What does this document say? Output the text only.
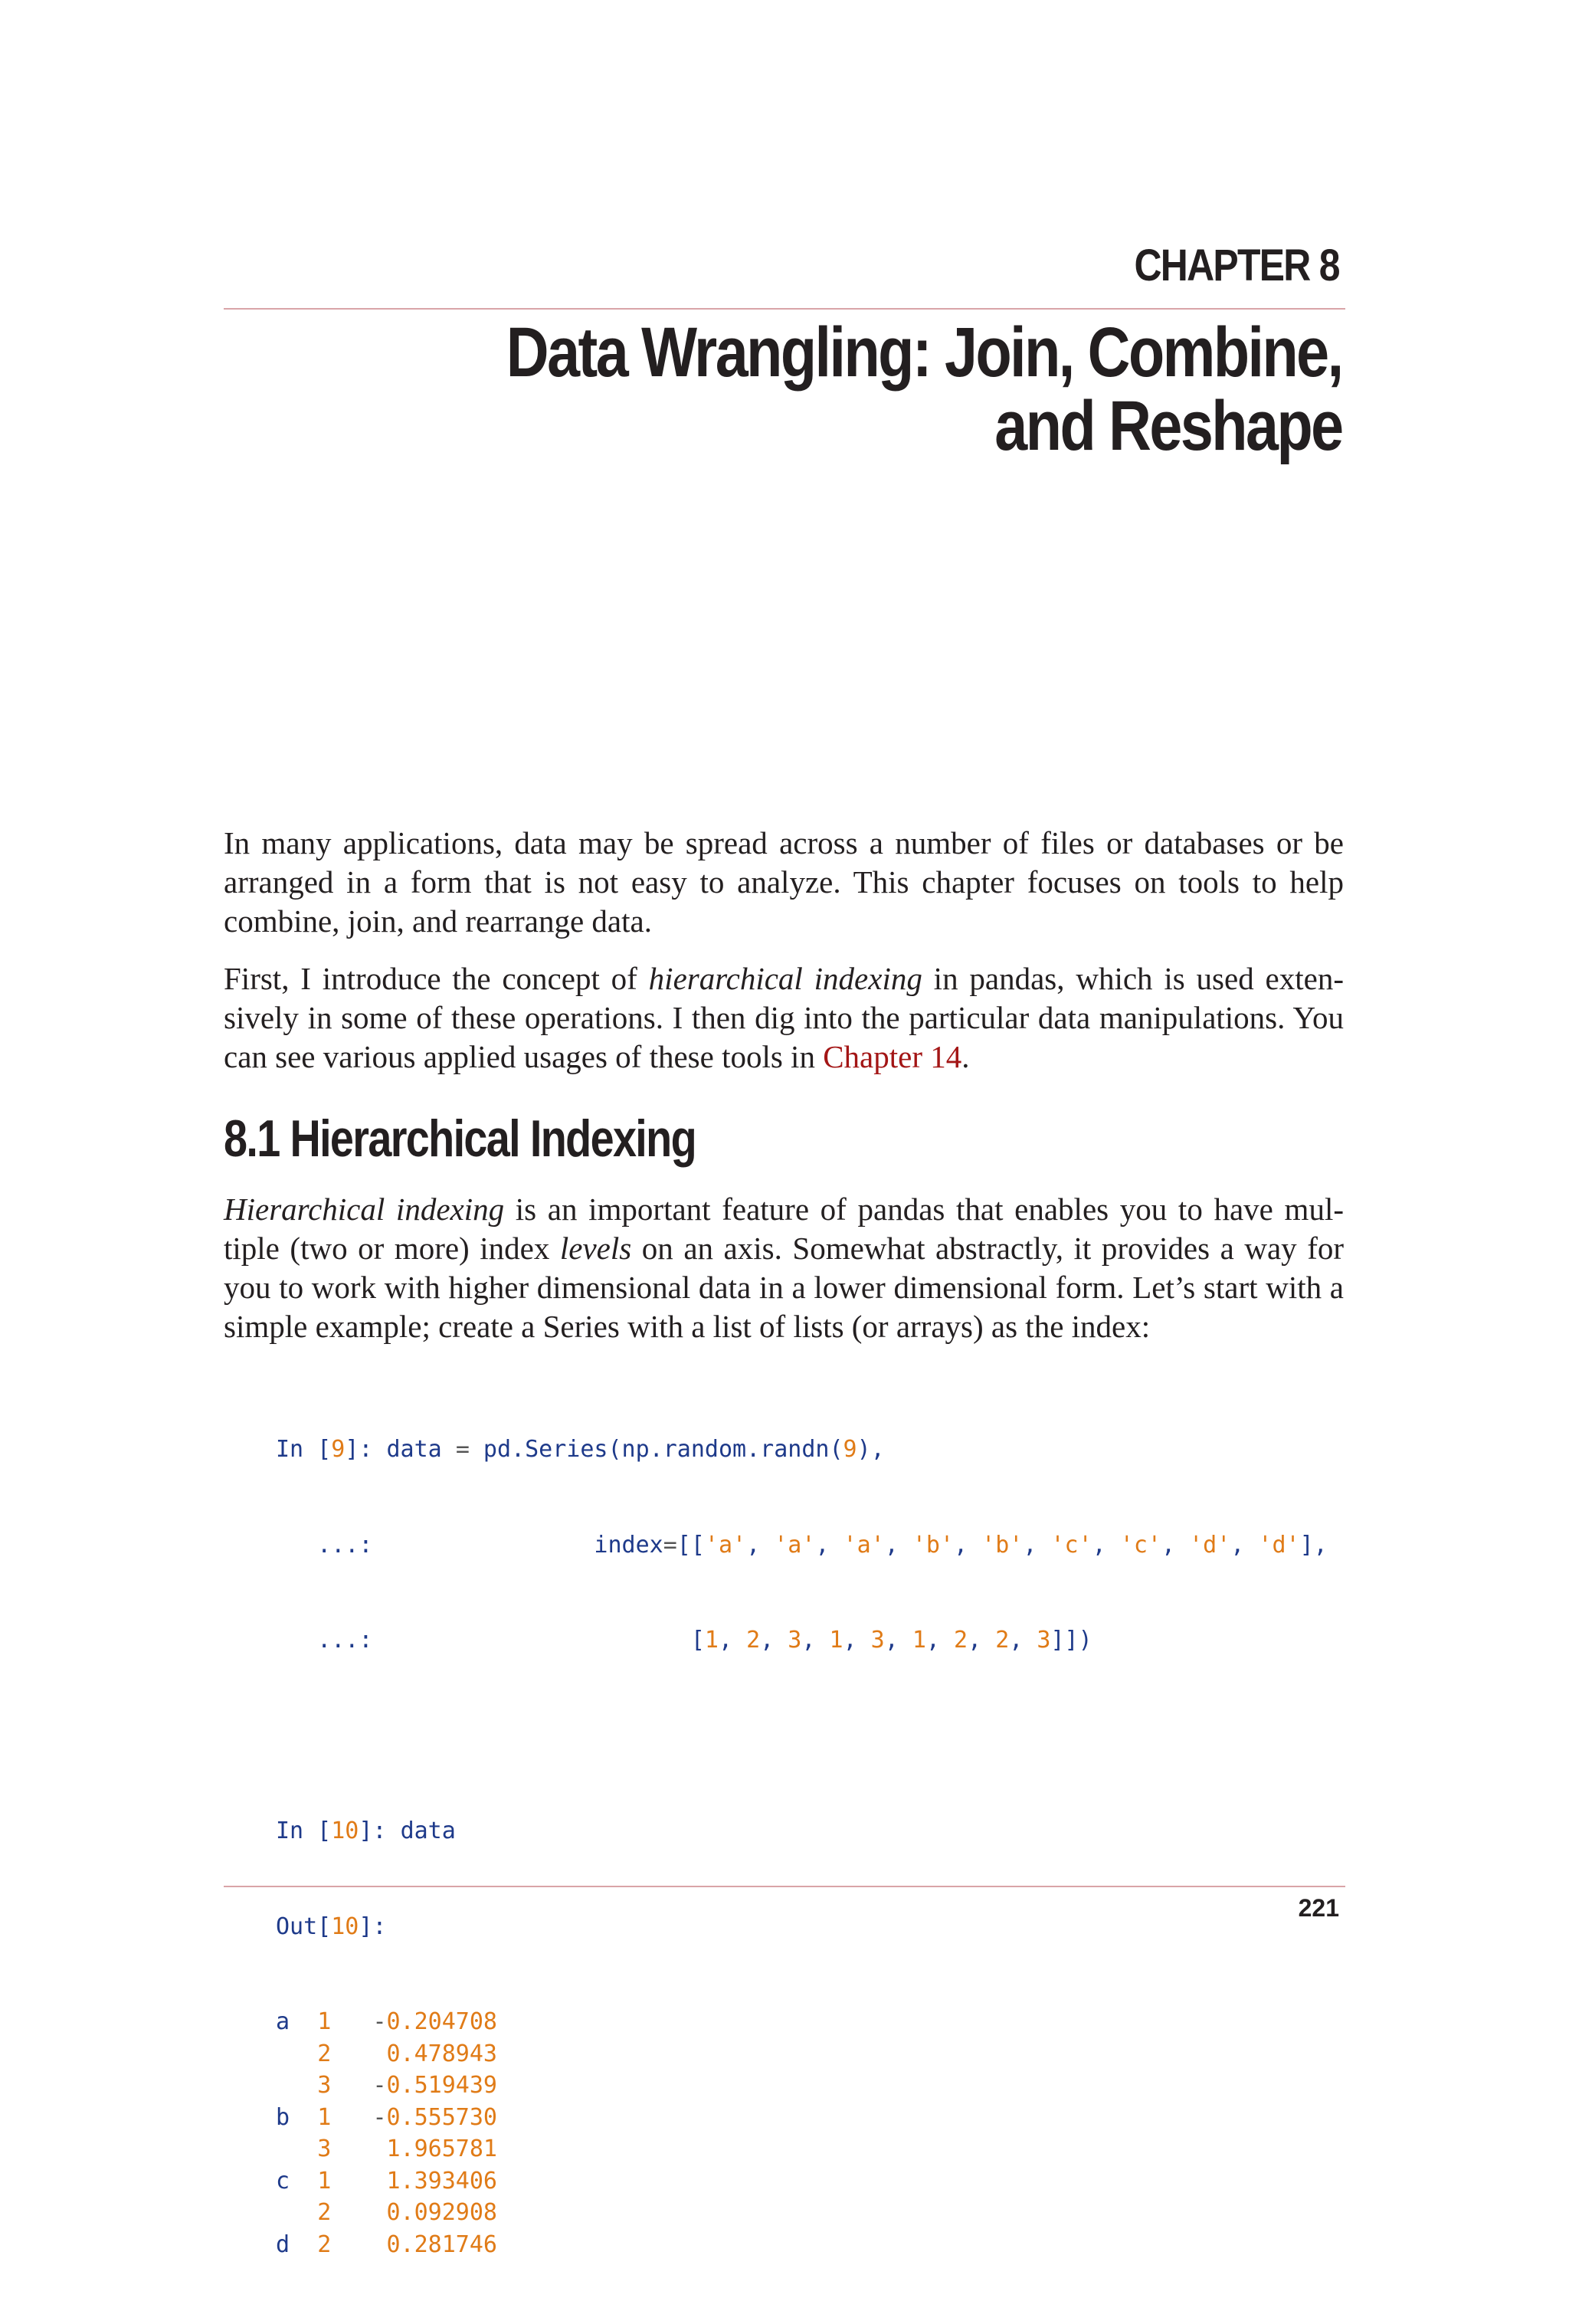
CHAPTER 8
Data Wrangling: Join, Combine,
and Reshape

In many applications, data may be spread across a number of files or databases or be arranged in a form that is not easy to analyze. This chapter focuses on tools to help combine, join, and rearrange data.

First, I introduce the concept of hierarchical indexing in pandas, which is used extensively in some of these operations. I then dig into the particular data manipulations. You can see various applied usages of these tools in Chapter 14.

8.1 Hierarchical Indexing

Hierarchical indexing is an important feature of pandas that enables you to have multiple (two or more) index levels on an axis. Somewhat abstractly, it provides a way for you to work with higher dimensional data in a lower dimensional form. Let’s start with a simple example; create a Series with a list of lists (or arrays) as the index:

In [9]: data = pd.Series(np.random.randn(9),

...:	index=[['a', 'a', 'a', 'b', 'b', 'c', 'c', 'd', 'd'],

...:	[1, 2, 3, 1, 3, 1, 2, 2, 3]])

In [10]: data

Out[10]:

a  1 -0.204708
2 0.478943
3 -0.519439
b  1 -0.555730
3 1.965781
c  1 1.393406
2 0.092908
d  2 0.281746

221
